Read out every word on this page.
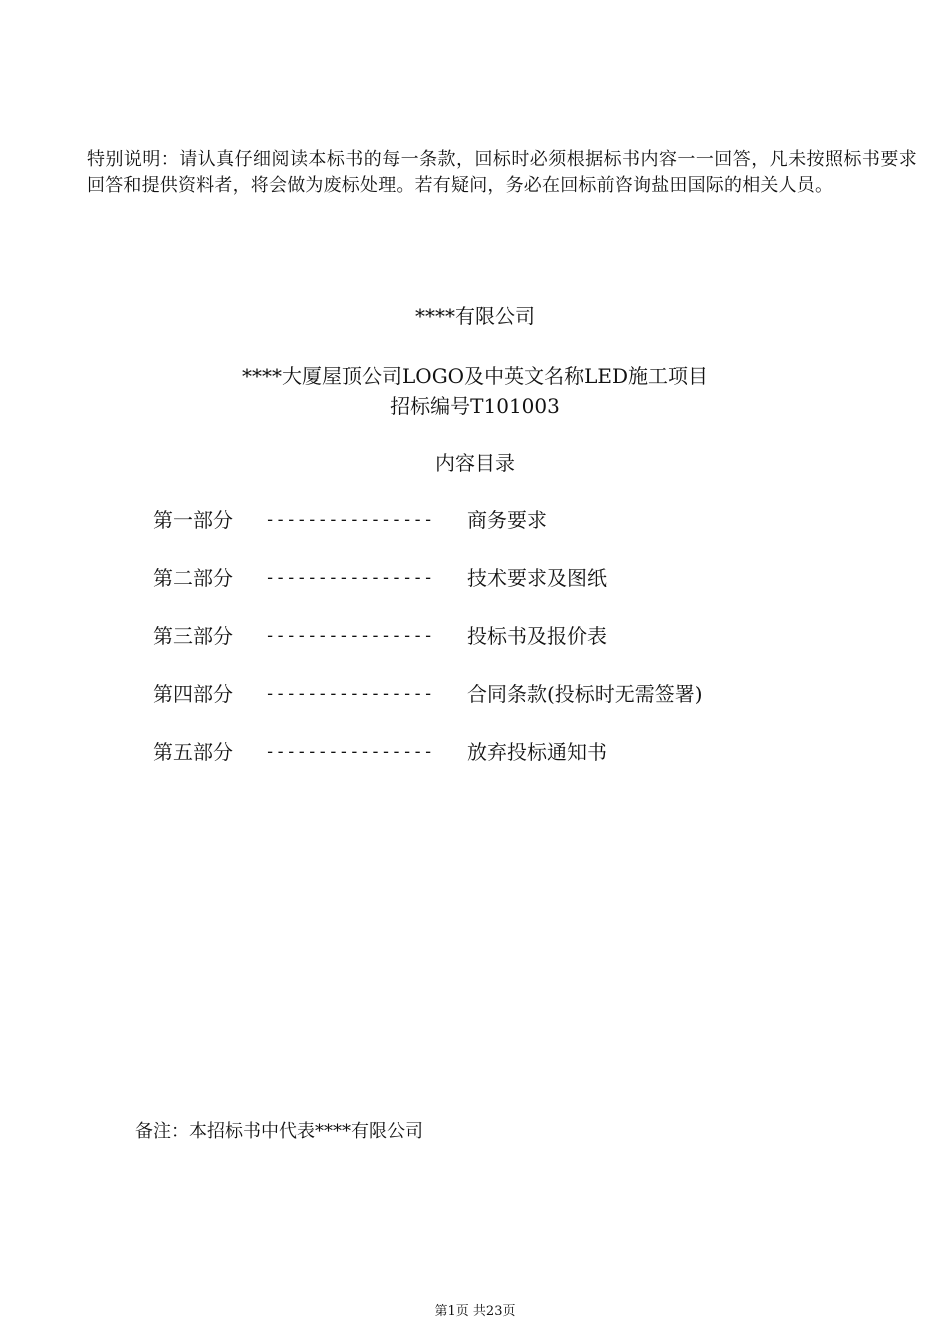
特别说明：请认真仔细阅读本标书的每一条款，回标时必须根据标书内容一一回答，凡未按照标书要求回答和提供资料者，将会做为废标处理。若有疑问，务必在回标前咨询盐田国际的相关人员。
****有限公司
****大厦屋顶公司LOGO及中英文名称LED施工项目
招标编号T101003
内容目录
第一部分	----------------	商务要求
第二部分	----------------	技术要求及图纸
第三部分	----------------	投标书及报价表
第四部分	----------------	合同条款(投标时无需签署)
第五部分	----------------	放弃投标通知书
备注：本招标书中代表****有限公司
第1页 共23页
